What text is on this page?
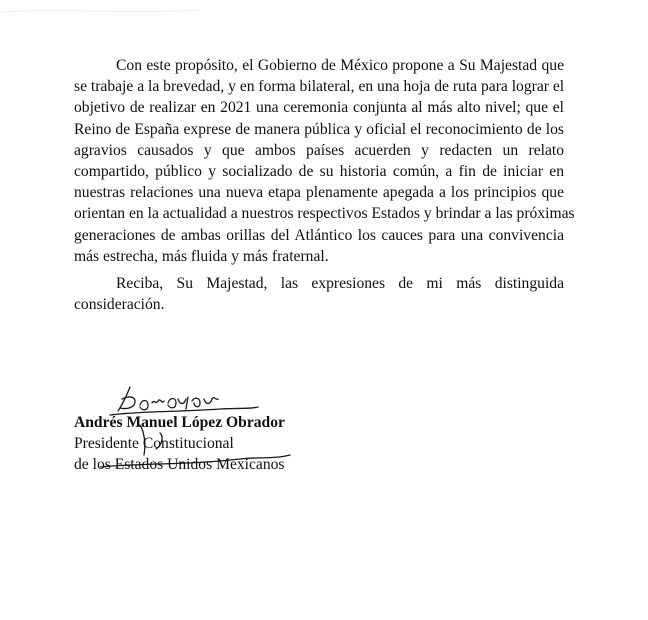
Con este propósito, el Gobierno de México propone a Su Majestad que
se trabaje a la brevedad, y en forma bilateral, en una hoja de ruta para lograr el
objetivo de realizar en 2021 una ceremonia conjunta al más alto nivel; que el
Reino de España exprese de manera pública y oficial el reconocimiento de los
agravios causados y que ambos países acuerden y redacten un relato
compartido, público y socializado de su historia común, a fin de iniciar en
nuestras relaciones una nueva etapa plenamente apegada a los principios que
orientan en la actualidad a nuestros respectivos Estados y brindar a las próximas
generaciones de ambas orillas del Atlántico los cauces para una convivencia
más estrecha, más fluida y más fraternal.
Reciba, Su Majestad, las expresiones de mi más distinguida
consideración.
Andrés Manuel López Obrador
Presidente Constitucional
de los Estados Unidos Mexicanos
